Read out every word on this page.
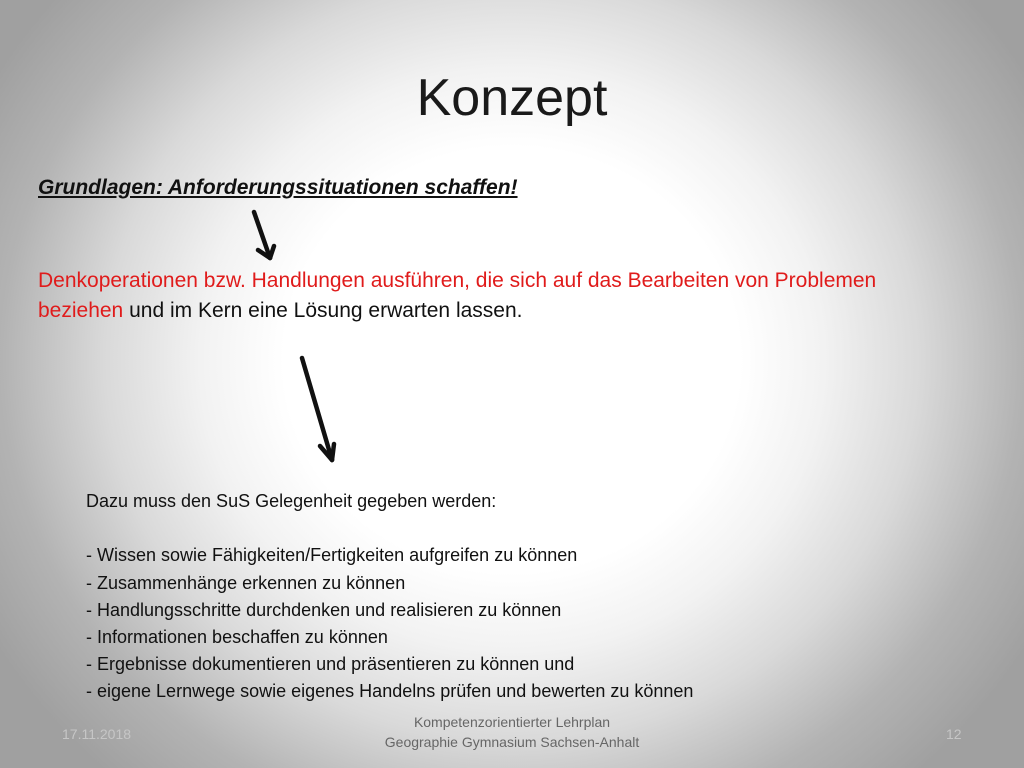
Konzept
Grundlagen: Anforderungssituationen schaffen!
Denkoperationen bzw. Handlungen ausführen, die sich auf das Bearbeiten von Problemen beziehen und im Kern eine Lösung erwarten lassen.
Dazu muss den SuS Gelegenheit gegeben werden:
- Wissen sowie Fähigkeiten/Fertigkeiten aufgreifen zu können
- Zusammenhänge erkennen zu können
- Handlungsschritte durchdenken und realisieren zu können
- Informationen beschaffen zu können
- Ergebnisse dokumentieren und präsentieren zu können und
- eigene Lernwege sowie eigenes Handelns prüfen und bewerten zu können
17.11.2018
Kompetenzorientierter Lehrplan
Geographie Gymnasium Sachsen-Anhalt	12
